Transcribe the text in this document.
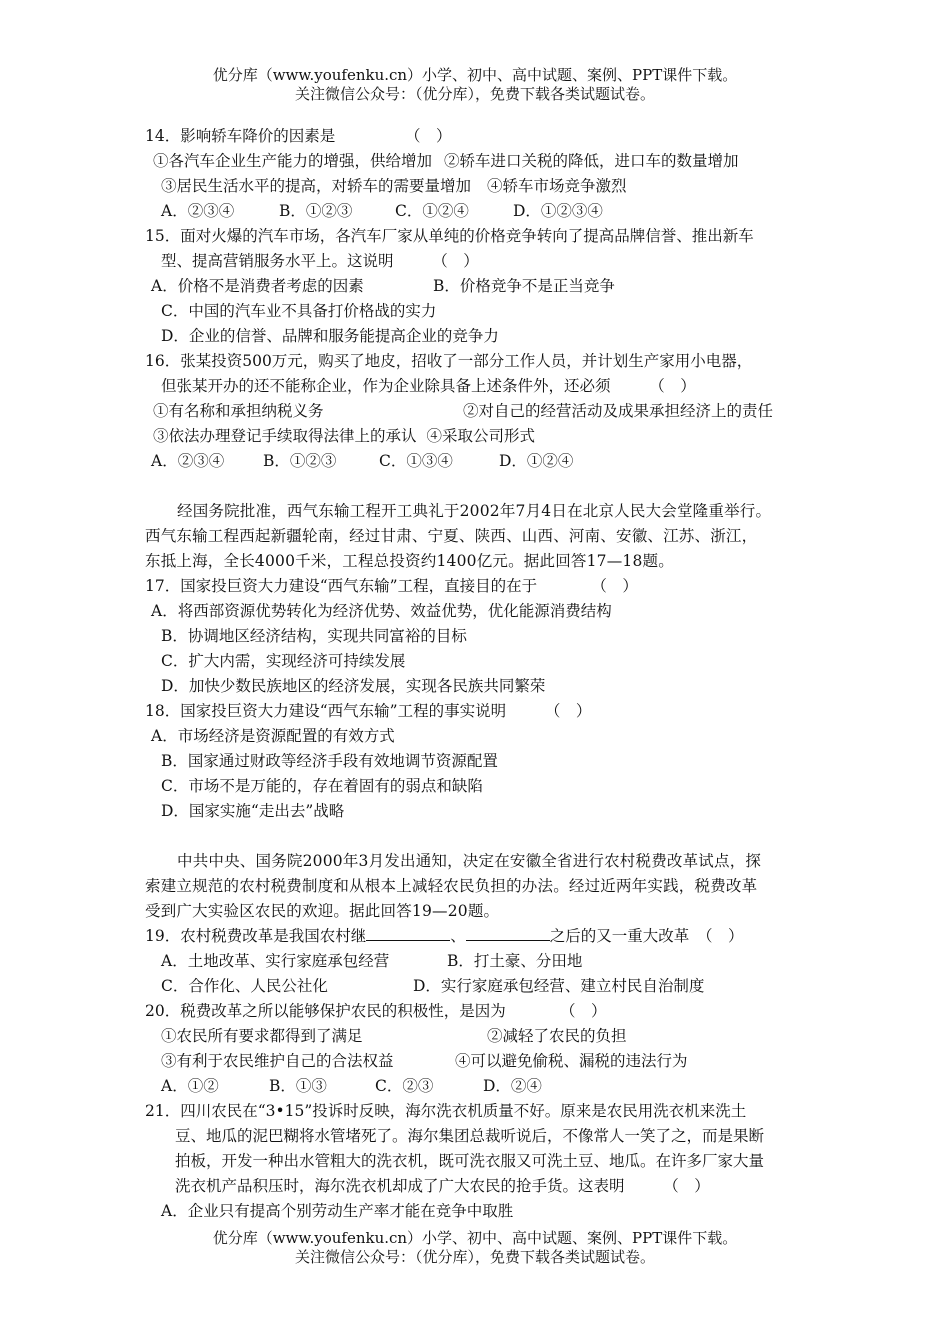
优分库（www.youfenku.cn）小学、初中、高中试题、案例、PPT课件下载。
关注微信公众号：（优分库），免费下载各类试题试卷。
14．影响轿车降价的因素是　　　　　（　）
①各汽车企业生产能力的增强，供给增加 ②轿车进口关税的降低，进口车的数量增加
③居民生活水平的提高，对轿车的需要量增加 ④轿车市场竞争激烈
A．②③④	B．①②③	C．①②④	D．①②③④
15．面对火爆的汽车市场，各汽车厂家从单纯的价格竞争转向了提高品牌信誉、推出新车
型、提高营销服务水平上。这说明　　　（　）
A．价格不是消费者考虑的因素	B．价格竞争不是正当竞争
C．中国的汽车业不具备打价格战的实力
D．企业的信誉、品牌和服务能提高企业的竞争力
16．张某投资500万元，购买了地皮，招收了一部分工作人员，并计划生产家用小电器，
但张某开办的还不能称企业，作为企业除具备上述条件外，还必须　　　（　）
①有名称和承担纳税义务	②对自己的经营活动及成果承担经济上的责任
③依法办理登记手续取得法律上的承认 ④采取公司形式
A．②③④	B．①②③	C．①③④	D．①②④
经国务院批准，西气东输工程开工典礼于2002年7月4日在北京人民大会堂隆重举行。
西气东输工程西起新疆轮南，经过甘肃、宁夏、陕西、山西、河南、安徽、江苏、浙江，
东抵上海，全长4000千米，工程总投资约1400亿元。据此回答17—18题。
17．国家投巨资大力建设“西气东输”工程，直接目的在于　　　　（　）
A．将西部资源优势转化为经济优势、效益优势，优化能源消费结构
B．协调地区经济结构，实现共同富裕的目标
C．扩大内需，实现经济可持续发展
D．加快少数民族地区的经济发展，实现各民族共同繁荣
18．国家投巨资大力建设“西气东输”工程的事实说明　　　（　）
A．市场经济是资源配置的有效方式
B．国家通过财政等经济手段有效地调节资源配置
C．市场不是万能的，存在着固有的弱点和缺陷
D．国家实施“走出去”战略
中共中央、国务院2000年3月发出通知，决定在安徽全省进行农村税费改革试点，探
索建立规范的农村税费制度和从根本上减轻农民负担的办法。经过近两年实践，税费改革
受到广大实验区农民的欢迎。据此回答19—20题。
19．农村税费改革是我国农村继	、	之后的又一重大改革　（　）
A．土地改革、实行家庭承包经营	B．打土豪、分田地
C．合作化、人民公社化	D．实行家庭承包经营、建立村民自治制度
20．税费改革之所以能够保护农民的积极性，是因为　　　　（　）
①农民所有要求都得到了满足	②减轻了农民的负担
③有利于农民维护自己的合法权益	④可以避免偷税、漏税的违法行为
A．①②	B．①③	C．②③	D．②④
21．四川农民在“3•15”投诉时反映，海尔洗衣机质量不好。原来是农民用洗衣机来洗土
豆、地瓜的泥巴糊将水管堵死了。海尔集团总裁听说后，不像常人一笑了之，而是果断
拍板，开发一种出水管粗大的洗衣机，既可洗衣服又可洗土豆、地瓜。在许多厂家大量
洗衣机产品积压时，海尔洗衣机却成了广大农民的抢手货。这表明　　　（　）
A．企业只有提高个别劳动生产率才能在竞争中取胜
优分库（www.youfenku.cn）小学、初中、高中试题、案例、PPT课件下载。
关注微信公众号：（优分库），免费下载各类试题试卷。
